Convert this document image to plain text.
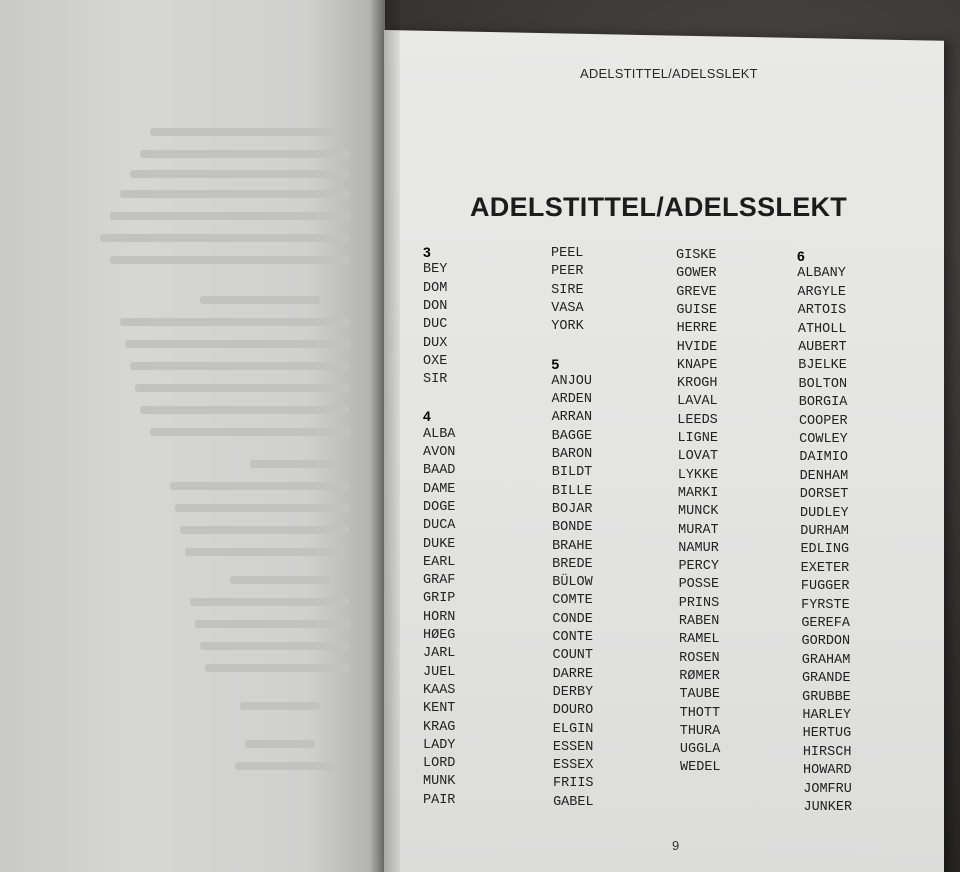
ADELSTITTEL/ADELSSLEKT
ADELSTITTEL/ADELSSLEKT
3
BEY
DOM
DON
DUC
DUX
OXE
SIR
4
ALBA
AVON
BAAD
DAME
DOGE
DUCA
DUKE
EARL
GRAF
GRIP
HORN
HØEG
JARL
JUEL
KAAS
KENT
KRAG
LADY
LORD
MUNK
PAIR
PEEL
PEER
SIRE
VASA
YORK
5
ANJOU
ARDEN
ARRAN
BAGGE
BARON
BILDT
BILLE
BOJAR
BONDE
BRAHE
BREDE
BÜLOW
COMTE
CONDE
CONTE
COUNT
DARRE
DERBY
DOURO
ELGIN
ESSEN
ESSEX
FRIIS
GABEL
GISKE
GOWER
GREVE
GUISE
HERRE
HVIDE
KNAPE
KROGH
LAVAL
LEEDS
LIGNE
LOVAT
LYKKE
MARKI
MUNCK
MURAT
NAMUR
PERCY
POSSE
PRINS
RABEN
RAMEL
ROSEN
RØMER
TAUBE
THOTT
THURA
UGGLA
WEDEL
6
ALBANY
ARGYLE
ARTOIS
ATHOLL
AUBERT
BJELKE
BOLTON
BORGIA
COOPER
COWLEY
DAIMIO
DENHAM
DORSET
DUDLEY
DURHAM
EDLING
EXETER
FUGGER
FYRSTE
GEREFA
GORDON
GRAHAM
GRANDE
GRUBBE
HARLEY
HERTUG
HIRSCH
HOWARD
JOMFRU
JUNKER
9
